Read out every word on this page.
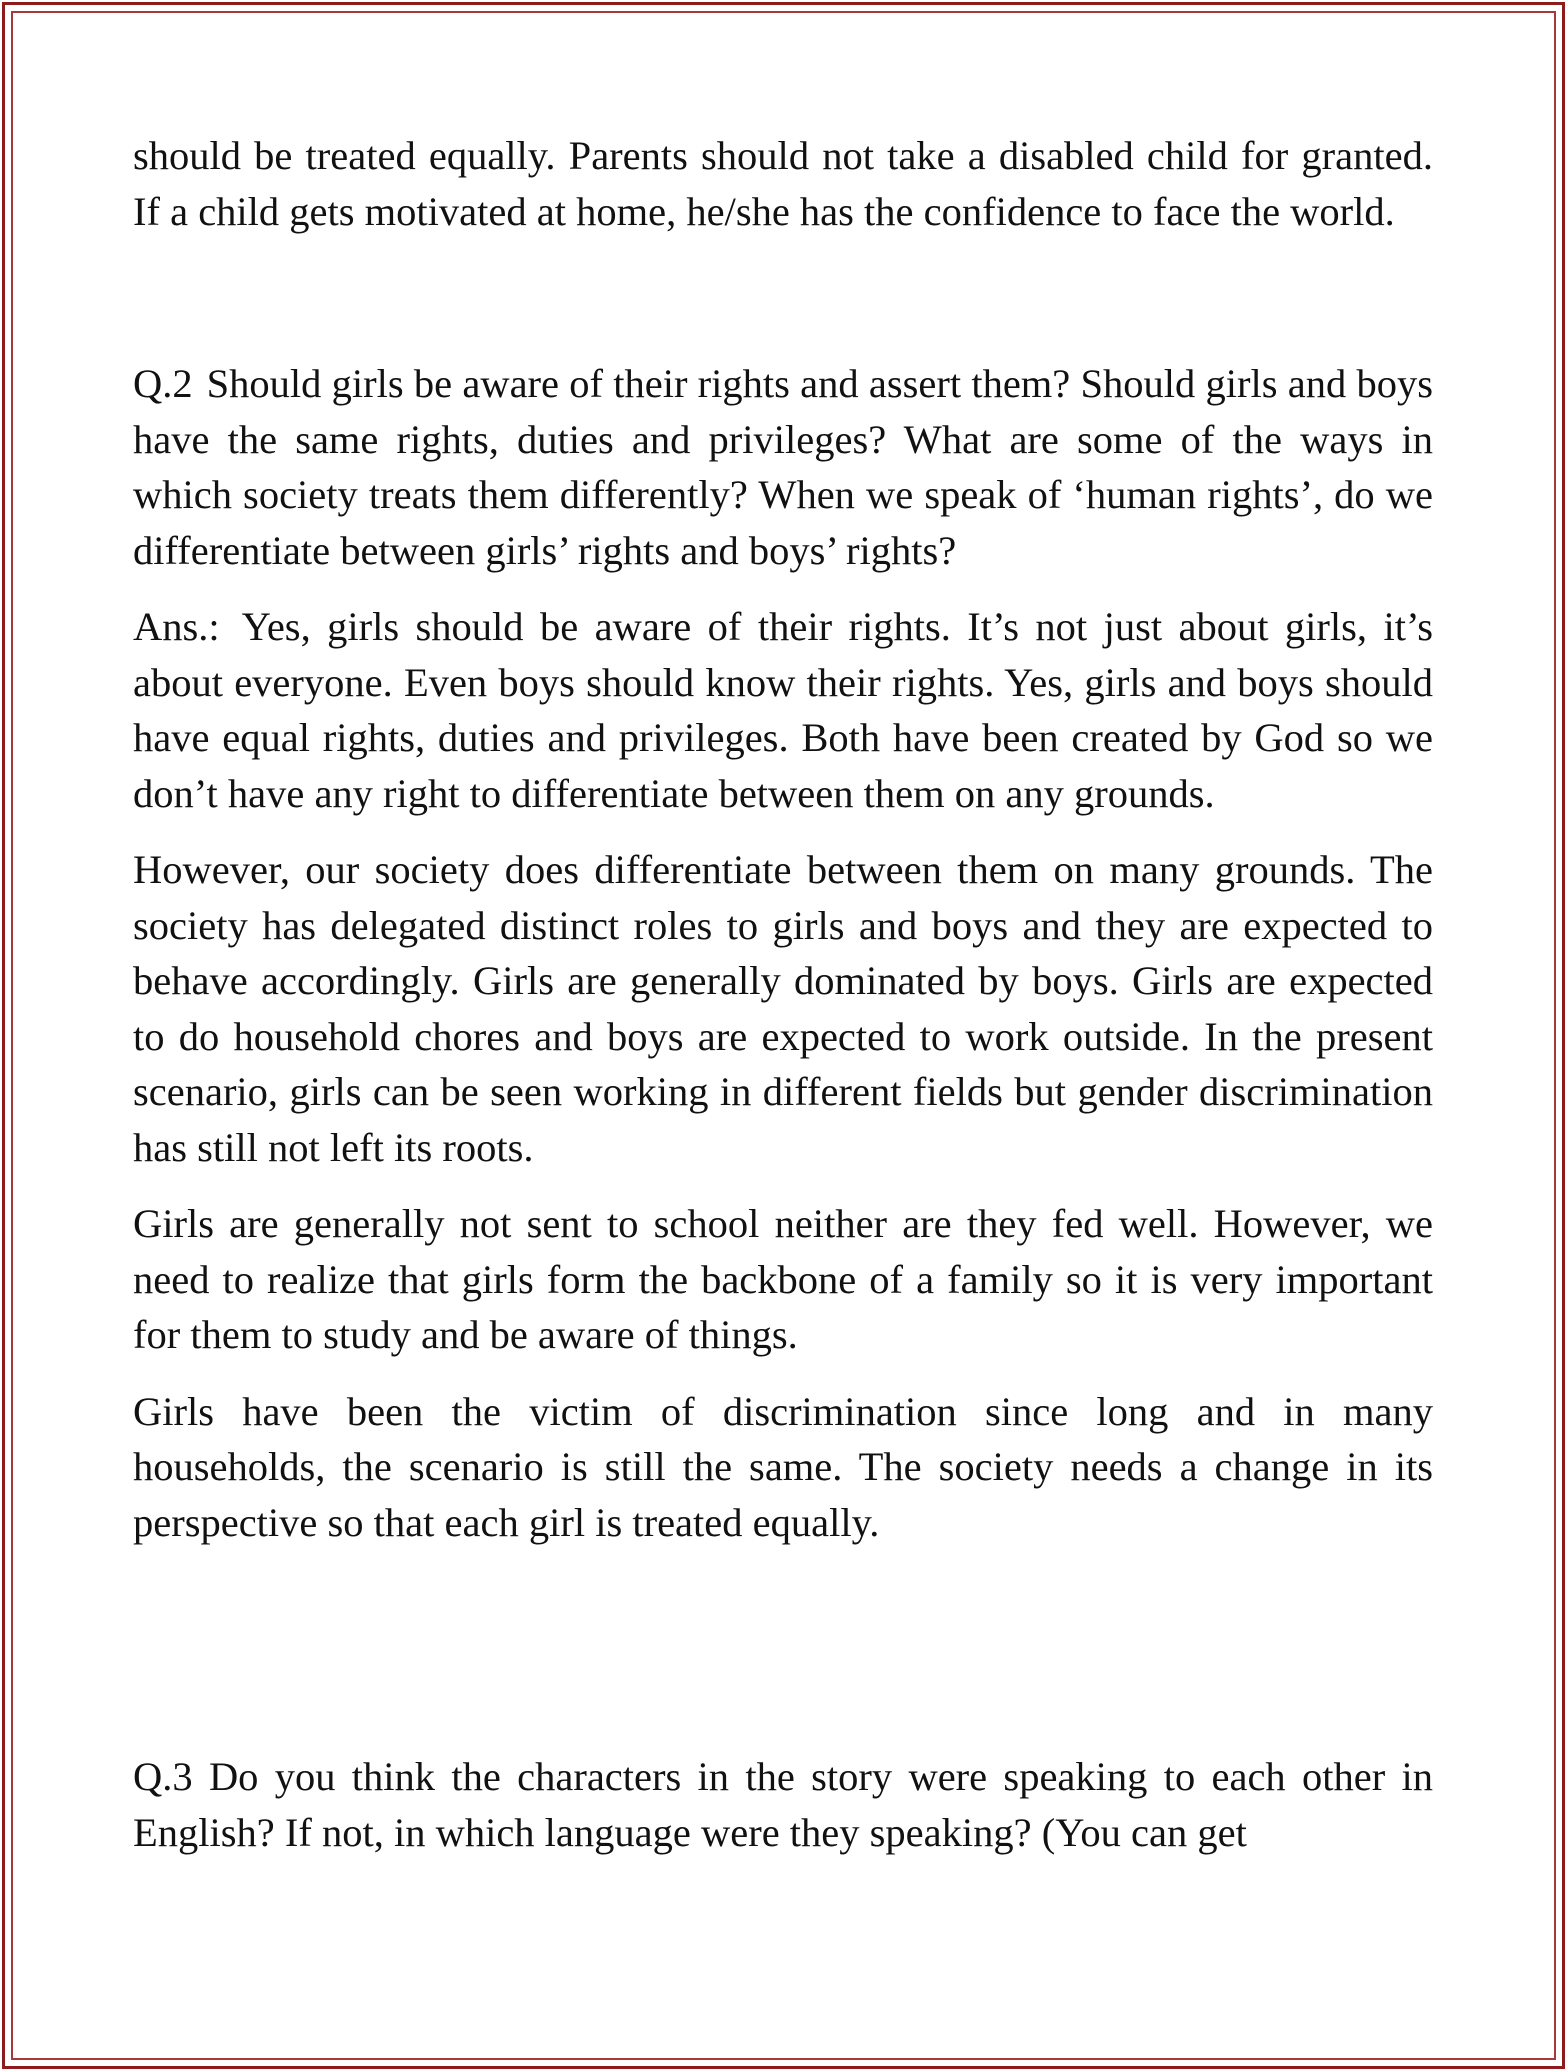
should be treated equally. Parents should not take a disabled child for granted. If a child gets motivated at home, he/she has the confidence to face the world.

Q.2 Should girls be aware of their rights and assert them? Should girls and boys have the same rights, duties and privileges? What are some of the ways in which society treats them differently? When we speak of ‘human rights’, do we differentiate between girls’ rights and boys’ rights?

Ans.: Yes, girls should be aware of their rights. It’s not just about girls, it’s about everyone. Even boys should know their rights. Yes, girls and boys should have equal rights, duties and privileges. Both have been created by God so we don’t have any right to differentiate between them on any grounds.

However, our society does differentiate between them on many grounds. The society has delegated distinct roles to girls and boys and they are expected to behave accordingly. Girls are generally dominated by boys. Girls are expected to do household chores and boys are expected to work outside. In the present scenario, girls can be seen working in different fields but gender discrimination has still not left its roots.

Girls are generally not sent to school neither are they fed well. However, we need to realize that girls form the backbone of a family so it is very important for them to study and be aware of things.

Girls have been the victim of discrimination since long and in many households, the scenario is still the same. The society needs a change in its perspective so that each girl is treated equally.

Q.3 Do you think the characters in the story were speaking to each other in English? If not, in which language were they speaking? (You can get
